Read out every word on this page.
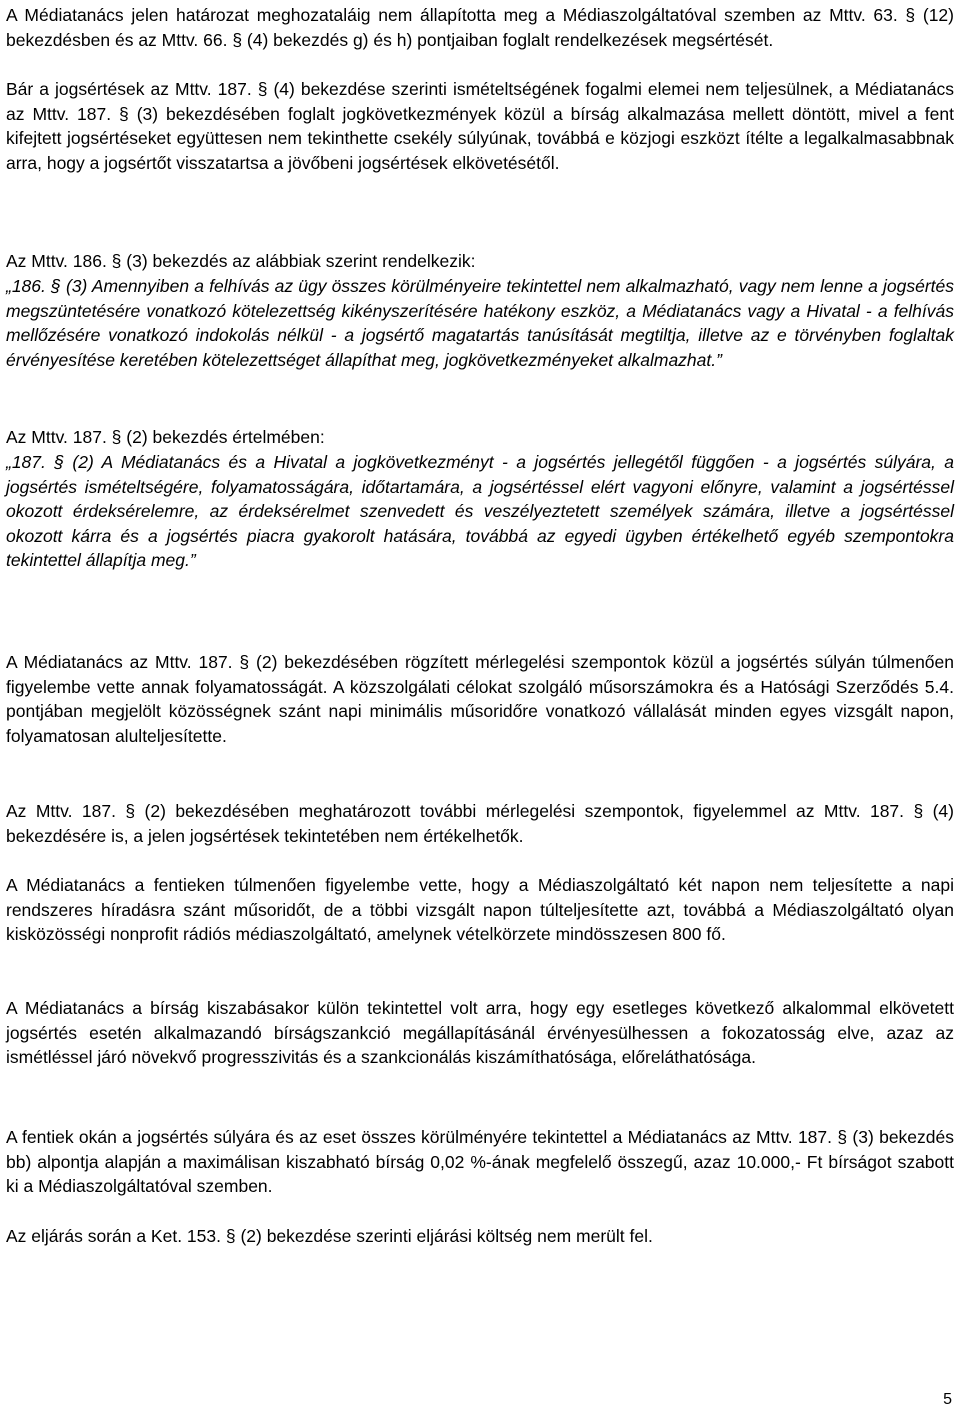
A Médiatanács jelen határozat meghozataláig nem állapította meg a Médiaszolgáltatóval szemben az Mttv. 63. § (12) bekezdésben és az Mttv. 66. § (4) bekezdés g) és h) pontjaiban foglalt rendelkezések megsértését.

Bár a jogsértések az Mttv. 187. § (4) bekezdése szerinti ismételtségének fogalmi elemei nem teljesülnek, a Médiatanács az Mttv. 187. § (3) bekezdésében foglalt jogkövetkezmények közül a bírság alkalmazása mellett döntött, mivel a fent kifejtett jogsértéseket együttesen nem tekinthette csekély súlyúnak, továbbá e közjogi eszközt ítélte a legalkalmasabbnak arra, hogy a jogsértőt visszatartsa a jövőbeni jogsértések elkövetésétől.

Az Mttv. 186. § (3) bekezdés az alábbiak szerint rendelkezik:

„186. § (3) Amennyiben a felhívás az ügy összes körülményeire tekintettel nem alkalmazható, vagy nem lenne a jogsértés megszüntetésére vonatkozó kötelezettség kikényszerítésére hatékony eszköz, a Médiatanács vagy a Hivatal - a felhívás mellőzésére vonatkozó indokolás nélkül - a jogsértő magatartás tanúsítását megtiltja, illetve az e törvényben foglaltak érvényesítése keretében kötelezettséget állapíthat meg, jogkövetkezményeket alkalmazhat.”

Az Mttv. 187. § (2) bekezdés értelmében:

„187. § (2) A Médiatanács és a Hivatal a jogkövetkezményt - a jogsértés jellegétől függően - a jogsértés súlyára, a jogsértés ismételtségére, folyamatosságára, időtartamára, a jogsértéssel elért vagyoni előnyre, valamint a jogsértéssel okozott érdeksérelemre, az érdeksérelmet szenvedett és veszélyeztetett személyek számára, illetve a jogsértéssel okozott kárra és a jogsértés piacra gyakorolt hatására, továbbá az egyedi ügyben értékelhető egyéb szempontokra tekintettel állapítja meg.”

A Médiatanács az Mttv. 187. § (2) bekezdésében rögzített mérlegelési szempontok közül a jogsértés súlyán túlmenően figyelembe vette annak folyamatosságát. A közszolgálati célokat szolgáló műsorszámokra és a Hatósági Szerződés 5.4. pontjában megjelölt közösségnek szánt napi minimális műsoridőre vonatkozó vállalását minden egyes vizsgált napon, folyamatosan alulteljesítette.

Az Mttv. 187. § (2) bekezdésében meghatározott további mérlegelési szempontok, figyelemmel az Mttv. 187. § (4) bekezdésére is, a jelen jogsértések tekintetében nem értékelhetők.

A Médiatanács a fentieken túlmenően figyelembe vette, hogy a Médiaszolgáltató két napon nem teljesítette a napi rendszeres híradásra szánt műsoridőt, de a többi vizsgált napon túlteljesítette azt, továbbá a Médiaszolgáltató olyan kisközösségi nonprofit rádiós médiaszolgáltató, amelynek vételkörzete mindösszesen 800 fő.

A Médiatanács a bírság kiszabásakor külön tekintettel volt arra, hogy egy esetleges következő alkalommal elkövetett jogsértés esetén alkalmazandó bírságszankció megállapításánál érvényesülhessen a fokozatosság elve, azaz az ismétléssel járó növekvő progresszivitás és a szankcionálás kiszámíthatósága, előreláthatósága.

A fentiek okán a jogsértés súlyára és az eset összes körülményére tekintettel a Médiatanács az Mttv. 187. § (3) bekezdés bb) alpontja alapján a maximálisan kiszabható bírság 0,02 %-ának megfelelő összegű, azaz 10.000,- Ft bírságot szabott ki a Médiaszolgáltatóval szemben.

Az eljárás során a Ket. 153. § (2) bekezdése szerinti eljárási költség nem merült fel.

5
